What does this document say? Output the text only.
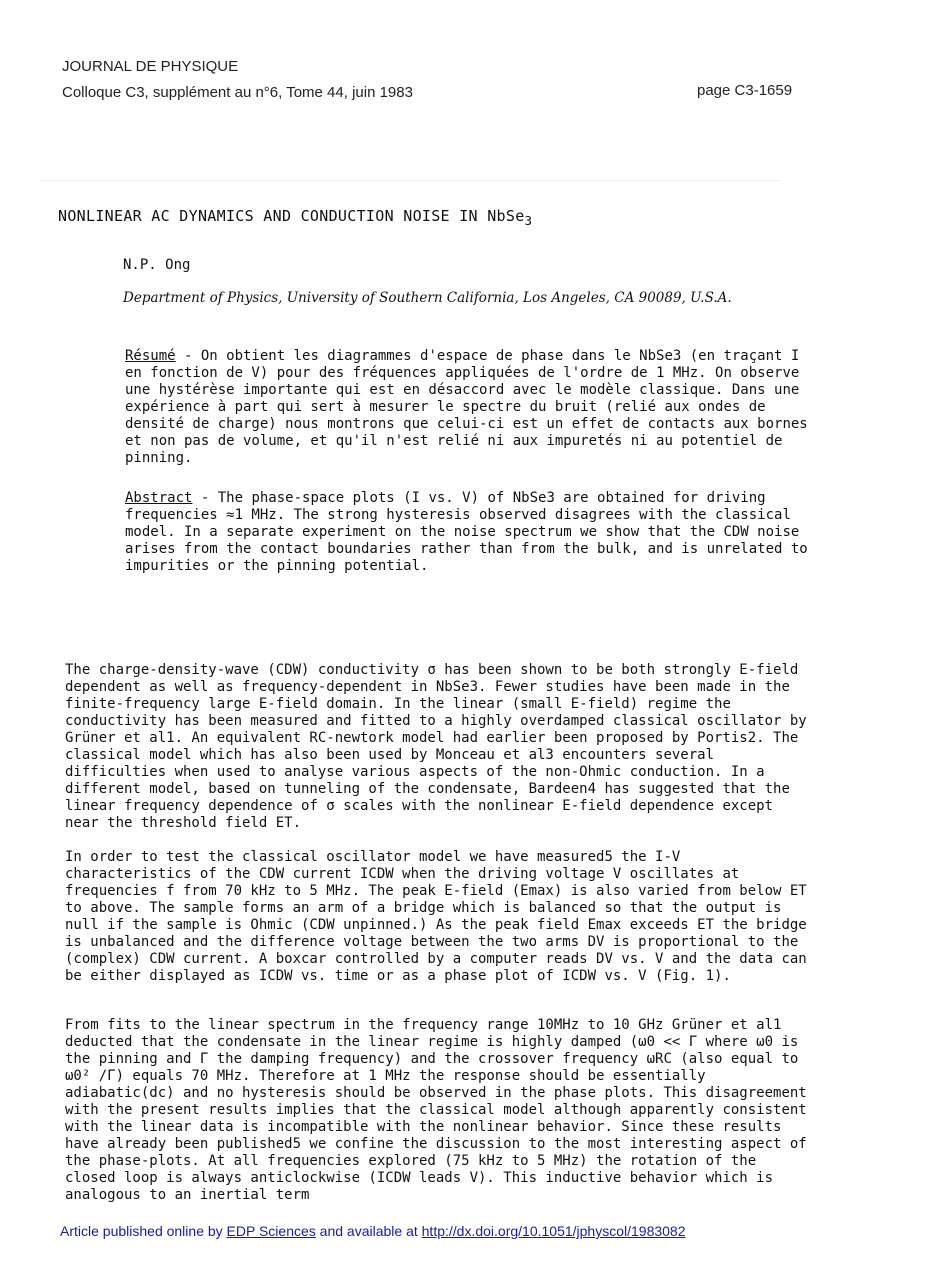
JOURNAL DE PHYSIQUE
Colloque C3, supplément au n°6, Tome 44, juin 1983	page C3-1659
NONLINEAR AC DYNAMICS AND CONDUCTION NOISE IN NbSe$_3$
N.P. Ong
Department of Physics, University of Southern California, Los Angeles, CA 90089, U.S.A.
Résumé - On obtient les diagrammes d'espace de phase dans le NbSe3 (en traçant I en fonction de V) pour des fréquences appliquées de l'ordre de 1 MHz. On observe une hystérèse importante qui est en désaccord avec le modèle classique. Dans une expérience à part qui sert à mesurer le spectre du bruit (relié aux ondes de densité de charge) nous montrons que celui-ci est un effet de contacts aux bornes et non pas de volume, et qu'il n'est relié ni aux impuretés ni au potentiel de pinning.
Abstract - The phase-space plots (I vs. V) of NbSe3 are obtained for driving frequencies ≈1 MHz. The strong hysteresis observed disagrees with the classical model. In a separate experiment on the noise spectrum we show that the CDW noise arises from the contact boundaries rather than from the bulk, and is unrelated to impurities or the pinning potential.
The charge-density-wave (CDW) conductivity σ has been shown to be both strongly E-field dependent as well as frequency-dependent in NbSe3. Fewer studies have been made in the finite-frequency large E-field domain. In the linear (small E-field) regime the conductivity has been measured and fitted to a highly overdamped classical oscillator by Grüner et al1. An equivalent RC-newtork model had earlier been proposed by Portis2. The classical model which has also been used by Monceau et al3 encounters several difficulties when used to analyse various aspects of the non-Ohmic conduction. In a different model, based on tunneling of the condensate, Bardeen4 has suggested that the linear frequency dependence of σ scales with the nonlinear E-field dependence except near the threshold field ET.
In order to test the classical oscillator model we have measured5 the I-V characteristics of the CDW current ICDW when the driving voltage V oscillates at frequencies f from 70 kHz to 5 MHz. The peak E-field (Emax) is also varied from below ET to above. The sample forms an arm of a bridge which is balanced so that the output is null if the sample is Ohmic (CDW unpinned.) As the peak field Emax exceeds ET the bridge is unbalanced and the difference voltage between the two arms DV is proportional to the (complex) CDW current. A boxcar controlled by a computer reads DV vs. V and the data can be either displayed as ICDW vs. time or as a phase plot of ICDW vs. V (Fig. 1).
From fits to the linear spectrum in the frequency range 10MHz to 10 GHz Grüner et al1 deducted that the condensate in the linear regime is highly damped (ω0 << Γ where ω0 is the pinning and Γ the damping frequency) and the crossover frequency ωRC (also equal to ω0² /Γ) equals 70 MHz. Therefore at 1 MHz the response should be essentially adiabatic(dc) and no hysteresis should be observed in the phase plots. This disagreement with the present results implies that the classical model although apparently consistent with the linear data is incompatible with the nonlinear behavior. Since these results have already been published5 we confine the discussion to the most interesting aspect of the phase-plots. At all frequencies explored (75 kHz to 5 MHz) the rotation of the closed loop is always anticlockwise (ICDW leads V). This inductive behavior which is analogous to an inertial term
Article published online by EDP Sciences and available at http://dx.doi.org/10.1051/jphyscol/1983082
